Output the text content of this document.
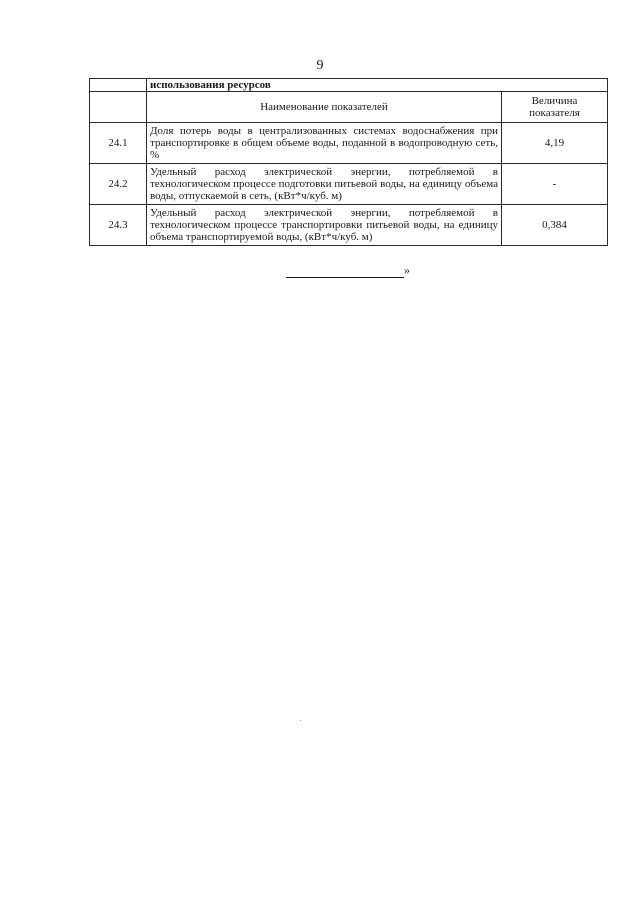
9
	использования ресурсов	
	Наименование показателей	Величина показателя
24.1	Доля потерь воды в централизованных системах водоснабжения при транспортировке в общем объеме воды, поданной в водопроводную сеть, %	4,19
24.2	Удельный расход электрической энергии, потребляемой в технологическом процессе подготовки питьевой воды, на единицу объема воды, отпускаемой в сеть, (кВт*ч/куб. м)	-
24.3	Удельный расход электрической энергии, потребляемой в технологическом процессе транспортировки питьевой воды, на единицу объема транспортируемой воды, (кВт*ч/куб. м)	0,384
»
